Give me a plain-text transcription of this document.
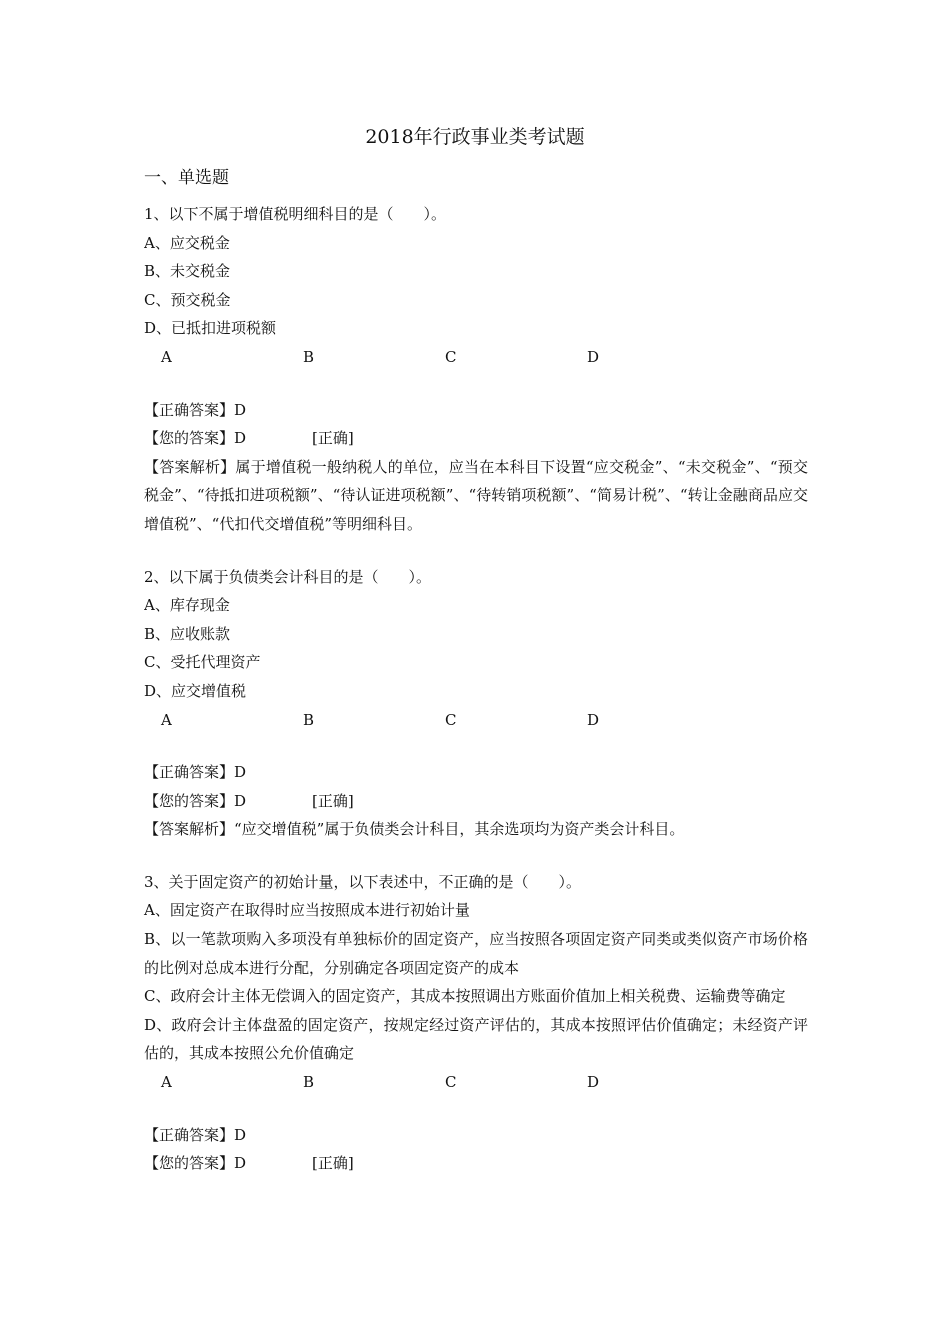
2018年行政事业类考试题
一、单选题
1、以下不属于增值税明细科目的是（　　）。
A、应交税金
B、未交税金
C、预交税金
D、已抵扣进项税额
A	B	C	D
【正确答案】D
【您的答案】D	[正确]
【答案解析】属于增值税一般纳税人的单位，应当在本科目下设置“应交税金”、“未交税金”、“预交税金”、“待抵扣进项税额”、“待认证进项税额”、“待转销项税额”、“简易计税”、“转让金融商品应交增值税”、“代扣代交增值税”等明细科目。
2、以下属于负债类会计科目的是（　　）。
A、库存现金
B、应收账款
C、受托代理资产
D、应交增值税
A	B	C	D
【正确答案】D
【您的答案】D	[正确]
【答案解析】“应交增值税”属于负债类会计科目，其余选项均为资产类会计科目。
3、关于固定资产的初始计量，以下表述中，不正确的是（　　）。
A、固定资产在取得时应当按照成本进行初始计量
B、以一笔款项购入多项没有单独标价的固定资产，应当按照各项固定资产同类或类似资产市场价格的比例对总成本进行分配，分别确定各项固定资产的成本
C、政府会计主体无偿调入的固定资产，其成本按照调出方账面价值加上相关税费、运输费等确定
D、政府会计主体盘盈的固定资产，按规定经过资产评估的，其成本按照评估价值确定；未经资产评估的，其成本按照公允价值确定
A	B	C	D
【正确答案】D
【您的答案】D	[正确]
